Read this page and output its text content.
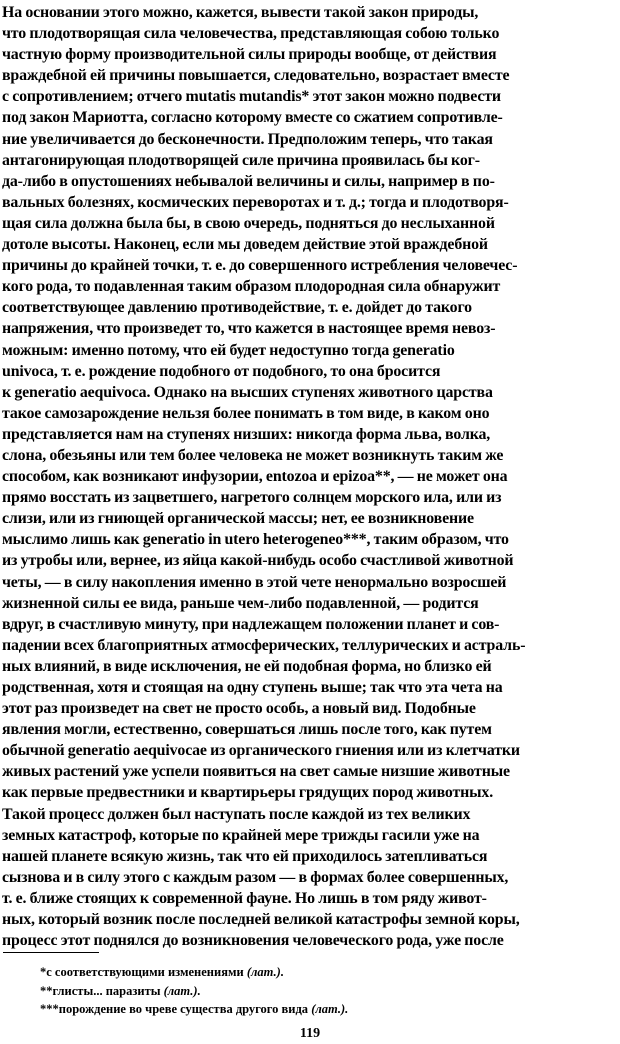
На основании этого можно, кажется, вывести такой закон природы,
что плодотворящая сила человечества, представляющая собою только
частную форму производительной силы природы вообще, от действия
враждебной ей причины повышается, следовательно, возрастает вместе
с сопротивлением; отчего mutatis mutandis* этот закон можно подвести
под закон Мариотта, согласно которому вместе со сжатием сопротивле-
ние увеличивается до бесконечности. Предположим теперь, что такая
антагонирующая плодотворящей силе причина проявилась бы ког-
да-либо в опустошениях небывалой величины и силы, например в по-
вальных болезнях, космических переворотах и т. д.; тогда и плодотворя-
щая сила должна была бы, в свою очередь, подняться до неслыханной
дотоле высоты. Наконец, если мы доведем действие этой враждебной
причины до крайней точки, т. е. до совершенного истребления человечес-
кого рода, то подавленная таким образом плодородная сила обнаружит
соответствующее давлению противодействие, т. е. дойдет до такого
напряжения, что произведет то, что кажется в настоящее время невоз-
можным: именно потому, что ей будет недоступно тогда generatio
univoca, т. е. рождение подобного от подобного, то она бросится
к generatio aequivoca. Однако на высших ступенях животного царства
такое самозарождение нельзя более понимать в том виде, в каком оно
представляется нам на ступенях низших: никогда форма льва, волка,
слона, обезьяны или тем более человека не может возникнуть таким же
способом, как возникают инфузории, entozoa и epizoa**, — не может она
прямо восстать из зацветшего, нагретого солнцем морского ила, или из
слизи, или из гниющей органической массы; нет, ее возникновение
мыслимо лишь как generatio in utero heterogeneo***, таким образом, что
из утробы или, вернее, из яйца какой-нибудь особо счастливой животной
четы, — в силу накопления именно в этой чете ненормально возросшей
жизненной силы ее вида, раньше чем-либо подавленной, — родится
вдруг, в счастливую минуту, при надлежащем положении планет и сов-
падении всех благоприятных атмосферических, теллурических и астраль-
ных влияний, в виде исключения, не ей подобная форма, но близко ей
родственная, хотя и стоящая на одну ступень выше; так что эта чета на
этот раз произведет на свет не просто особь, а новый вид. Подобные
явления могли, естественно, совершаться лишь после того, как путем
обычной generatio aequivocae из органического гниения или из клетчатки
живых растений уже успели появиться на свет самые низшие животные
как первые предвестники и квартирьеры грядущих пород животных.
Такой процесс должен был наступать после каждой из тех великих
земных катастроф, которые по крайней мере трижды гасили уже на
нашей планете всякую жизнь, так что ей приходилось затепливаться
сызнова и в силу этого с каждым разом — в формах более совершенных,
т. е. ближе стоящих к современной фауне. Но лишь в том ряду живот-
ных, который возник после последней великой катастрофы земной коры,
процесс этот поднялся до возникновения человеческого рода, уже после
*с соответствующими изменениями (лат.).
**глисты... паразиты (лат.).
***порождение во чреве существа другого вида (лат.).
119
